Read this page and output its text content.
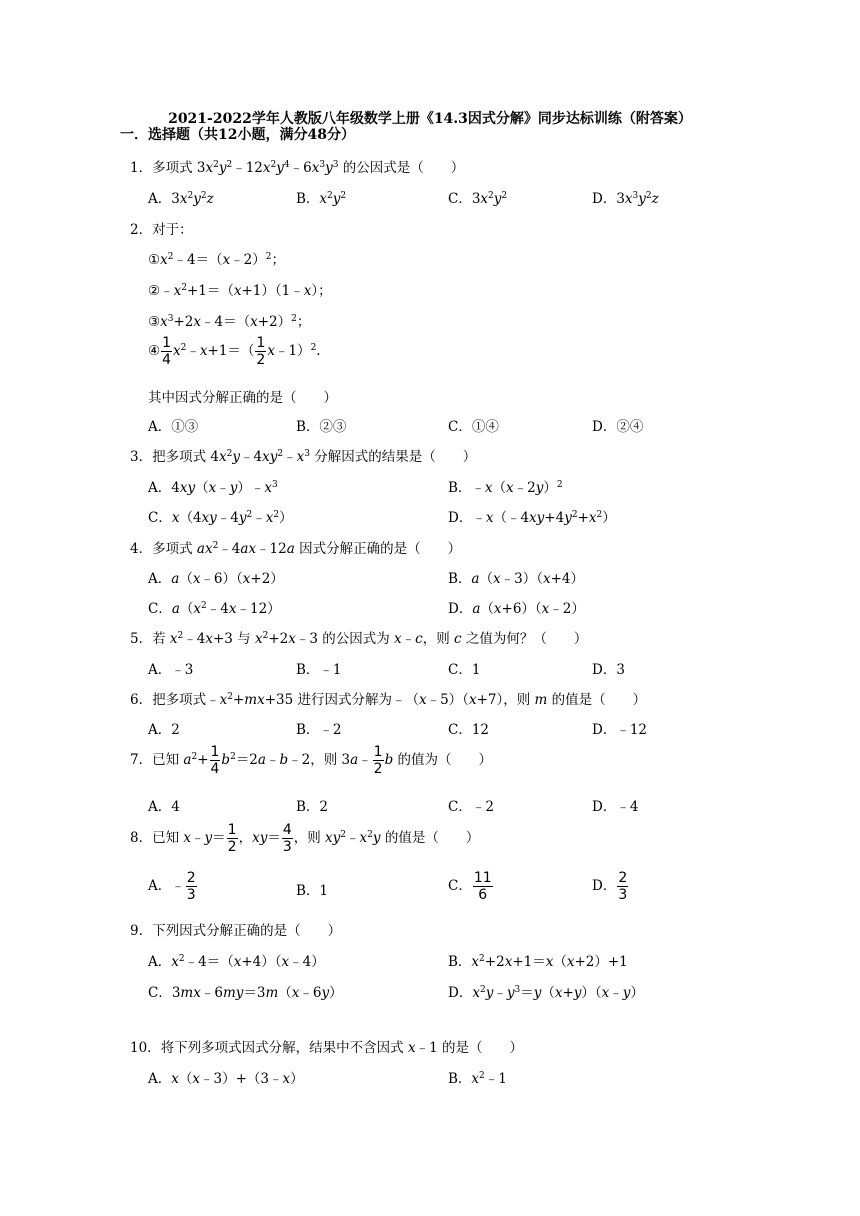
2021-2022学年人教版八年级数学上册《14.3因式分解》同步达标训练（附答案）
一．选择题（共12小题，满分48分）
1．多项式 $3x^2y^2﹣12x^2y^4﹣6x^3y^3$ 的公因式是（　　）
A．$3x^2y^2z$	B．$x^2y^2$	C．$3x^2y^2$	D．$3x^3y^2z$
2．对于：
$①x^2﹣4=(x﹣2)^2$；
$②﹣x^2+1=(x+1)(1﹣x)$；
$③x^3+2x﹣4=(x+2)^2$；
④ $\frac{1}{4}$ $x^2﹣x+1=( \frac{1}{2}$ x﹣1）$^2$.
其中因式分解正确的是（　　）
A．①③	B．②③	C．①④	D．②④
3．把多项式 $4x^2y﹣4xy^2﹣x^3$ 分解因式的结果是（　　）
A．$4xy(x﹣y)﹣x^3$	B．﹣x（x﹣2y）$^2$
C．$x(4xy﹣4y^2﹣x^2)$	D．$﹣x(﹣4xy+4y^2+x^2)$
4．多项式 $ax^2﹣4ax﹣12a$ 因式分解正确的是（　　）
A．a（x﹣6）（x+2）	B．a（x﹣3）（x+4）
C．$a(x^2﹣4x﹣12)$	D．a（x+6）（x﹣2）
5．若 $x^2﹣4x+3$ 与 $x^2+2x﹣3$ 的公因式为 x﹣c，则 c 之值为何？（　　）
A．﹣3	B．﹣1	C．1	D．3
6．把多项式$﹣x^2+mx+35$ 进行因式分解为﹣（x﹣5）（x+7），则 m 的值是（　　）
A．2	B．﹣2	C．12	D．﹣12
7．已知 $a^2+ \frac{1}{4}$ $b^2=2a﹣b﹣2$，则 3a﹣ $\frac{1}{2}$ b 的值为（　　）
A．4	B．2	C．﹣2	D．﹣4
8．已知 x﹣y＝ $\frac{1}{2}$ ，$xy= \frac{4}{3}$ ，则 $xy^2﹣x^2y$ 的值是（　　）
A．﹣ $\frac{2}{3}$	B．1	C． $\frac{11}{6}$	D． $\frac{2}{3}$
9．下列因式分解正确的是（　　）
A．$x^2﹣4=(x+4)(x﹣4)$	B．$x^2+2x+1=x(x+2)+1$
C．3mx﹣6my＝3m（x﹣6y）	D．$x^2y﹣y^3=y(x+y)(x﹣y)$
10．将下列多项式因式分解，结果中不含因式 x﹣1 的是（　　）
A．x（x﹣3）+（3﹣x）	B．$x^2﹣1$
